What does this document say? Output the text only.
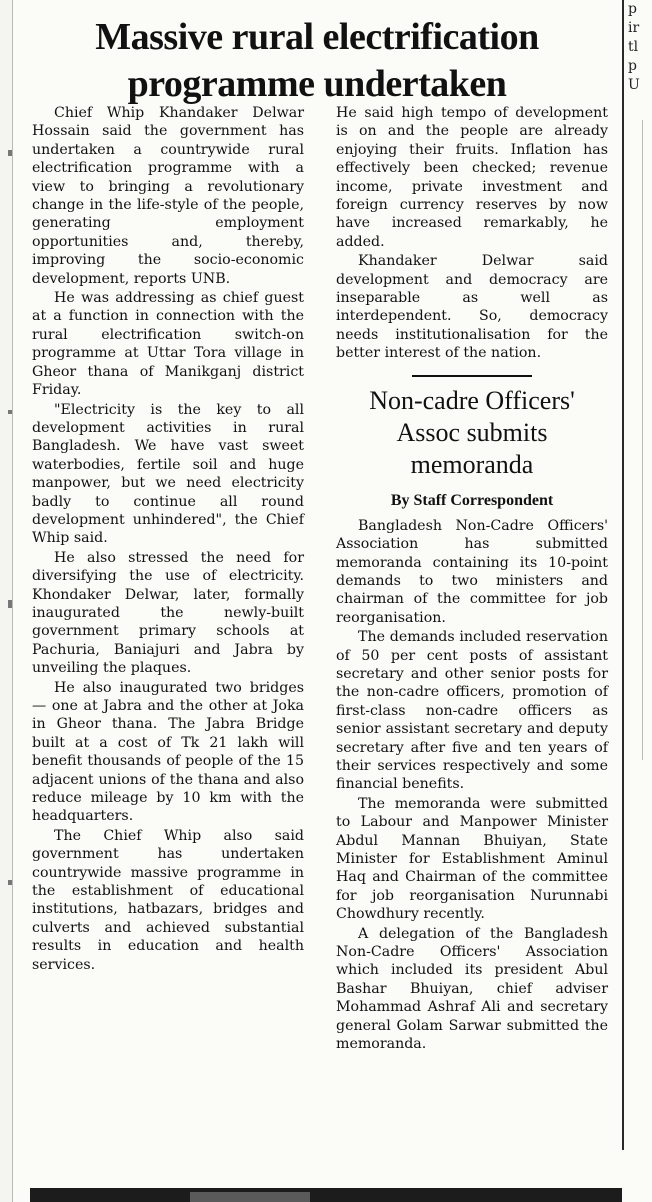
Massive rural electrification programme undertaken

Chief Whip Khandaker Delwar Hossain said the government has undertaken a countrywide rural electrification programme with a view to bringing a revolutionary change in the life-style of the people, generating employment opportunities and, thereby, improving the socio-economic development, reports UNB.

He was addressing as chief guest at a function in connection with the rural electrification switch-on programme at Uttar Tora village in Gheor thana of Manikganj district Friday.

"Electricity is the key to all development activities in rural Bangladesh. We have vast sweet waterbodies, fertile soil and huge manpower, but we need electricity badly to continue all round development unhindered", the Chief Whip said.

He also stressed the need for diversifying the use of electricity. Khondaker Delwar, later, formally inaugurated the newly-built government primary schools at Pachuria, Baniajuri and Jabra by unveiling the plaques.

He also inaugurated two bridges — one at Jabra and the other at Joka in Gheor thana. The Jabra Bridge built at a cost of Tk 21 lakh will benefit thousands of people of the 15 adjacent unions of the thana and also reduce mileage by 10 km with the headquarters.

The Chief Whip also said government has undertaken countrywide massive programme in the establishment of educational institutions, hatbazars, bridges and culverts and achieved substantial results in education and health services.

He said high tempo of development is on and the people are already enjoying their fruits. Inflation has effectively been checked; revenue income, private investment and foreign currency reserves by now have increased remarkably, he added.

Khandaker Delwar said development and democracy are inseparable as well as interdependent. So, democracy needs institutionalisation for the better interest of the nation.

Non-cadre Officers' Assoc submits memoranda
By Staff Correspondent

Bangladesh Non-Cadre Officers' Association has submitted memoranda containing its 10-point demands to two ministers and chairman of the committee for job reorganisation.

The demands included reservation of 50 per cent posts of assistant secretary and other senior posts for the non-cadre officers, promotion of first-class non-cadre officers as senior assistant secretary and deputy secretary after five and ten years of their services respectively and some financial benefits.

The memoranda were submitted to Labour and Manpower Minister Abdul Mannan Bhuiyan, State Minister for Establishment Aminul Haq and Chairman of the committee for job reorganisation Nurunnabi Chowdhury recently.

A delegation of the Bangladesh Non-Cadre Officers' Association which included its president Abul Bashar Bhuiyan, chief adviser Mohammad Ashraf Ali and secretary general Golam Sarwar submitted the memoranda.

p
ir
tl
p
U
